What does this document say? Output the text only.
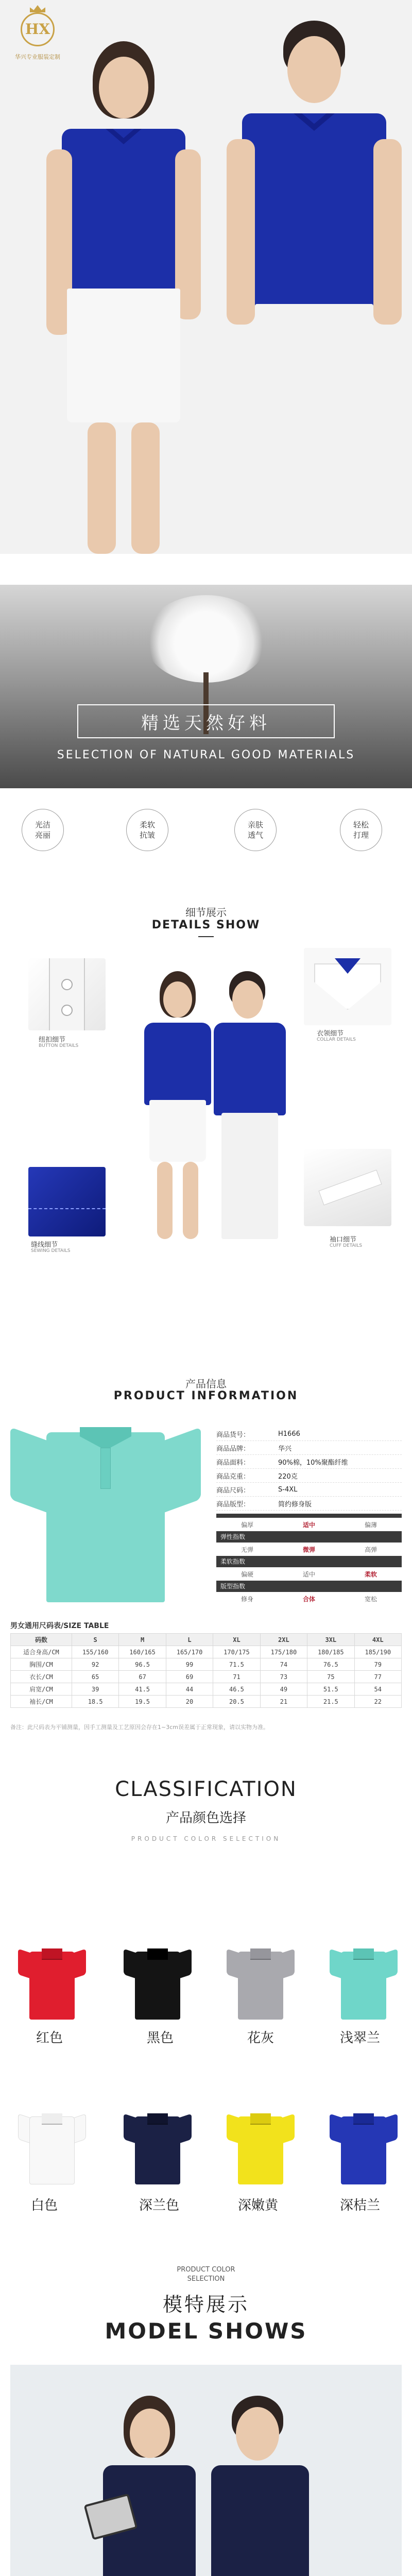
HX
华兴专业服装定制
精选天然好料
SELECTION OF NATURAL GOOD MATERIALS
光洁
亮丽
柔软
抗皱
亲肤
透气
轻松
打理
细节展示
DETAILS SHOW
纽扣细节
BUTTON DETAILS
衣领细节
COLLAR DETAILS
缝线细节
SEWING DETAILS
袖口细节
CUFF DETAILS
产品信息
PRODUCT INFORMATION
商品货号：	H1666
商品品牌：	华兴
商品面料：	90%棉，10%聚酯纤维
商品克重：	220克
商品尺码：	S-4XL
商品版型：	简约修身版
偏厚	适中	偏薄
弹性指数
无弹	微弹	高弹
柔软指数
偏硬	适中	柔软
版型指数
修身	合体	宽松
男女通用尺码表/SIZE TABLE
码数	S	M	L	XL	2XL	3XL	4XL
适合身高/CM	155/160	160/165	165/170	170/175	175/180	180/185	185/190
胸围/CM	92	96.5	99	71.5	74	76.5	79
衣长/CM	65	67	69	71	73	75	77
肩宽/CM	39	41.5	44	46.5	49	51.5	54
袖长/CM	18.5	19.5	20	20.5	21	21.5	22
备注：此尺码表为平铺测量，因手工测量及工艺原因会存在1~3cm误差属于正常现象，请以实物为准。
CLASSIFICATION
产品颜色选择
PRODUCT COLOR SELECTION
红色	黑色	花灰	浅翠兰
白色	深兰色	深嫩黄	深桔兰
PRODUCT COLOR
SELECTION
模特展示
MODEL SHOWS
